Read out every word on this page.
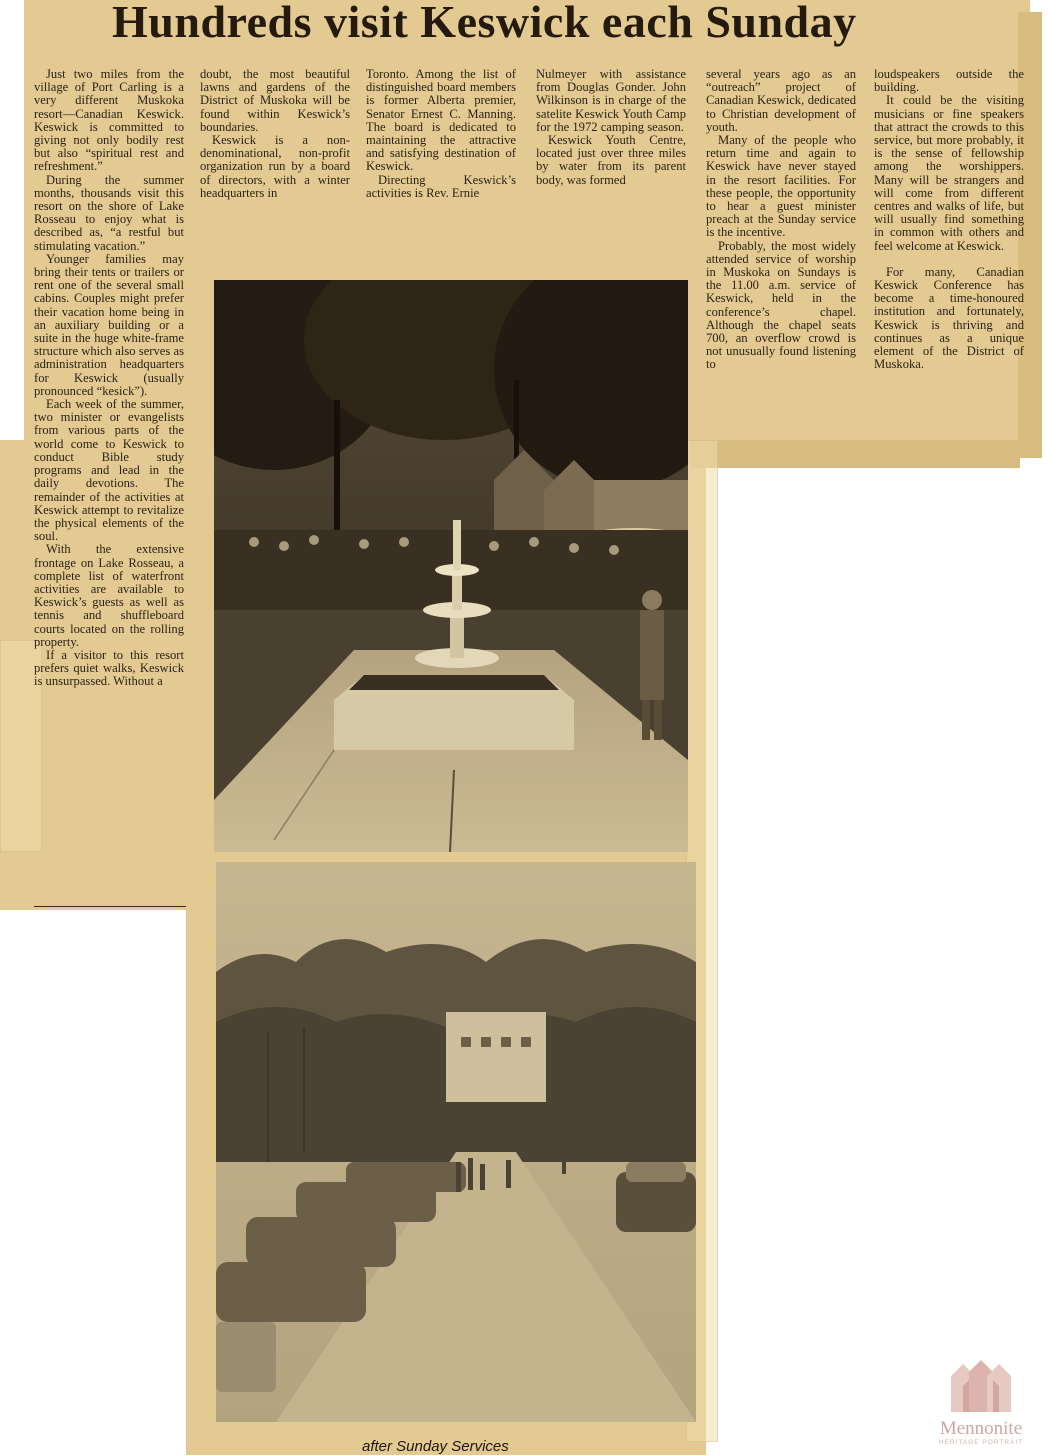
Hundreds visit Keswick each Sunday

Just two miles from the village of Port Carling is a very different Muskoka resort—Canadian Keswick. Keswick is committed to giving not only bodily rest but also “spiritual rest and refreshment.”

During the summer months, thousands visit this resort on the shore of Lake Rosseau to enjoy what is described as, “a restful but stimulating vacation.”

Younger families may bring their tents or trailers or rent one of the several small cabins. Couples might prefer their vacation home being in an auxiliary building or a suite in the huge white-frame structure which also serves as administration headquarters for Keswick (usually pronounced “kesick”).

Each week of the summer, two minister or evangelists from various parts of the world come to Keswick to conduct Bible study programs and lead in the daily devotions. The remainder of the activities at Keswick attempt to revitalize the physical elements of the soul.

With the extensive frontage on Lake Rosseau, a complete list of waterfront activities are available to Keswick’s guests as well as tennis and shuffleboard courts located on the rolling property.

If a visitor to this resort prefers quiet walks, Keswick is unsurpassed. Without a

doubt, the most beautiful lawns and gardens of the District of Muskoka will be found within Keswick’s boundaries.

Keswick is a non-denominational, non-profit organization run by a board of directors, with a winter headquarters in

Toronto. Among the list of distinguished board members is former Alberta premier, Senator Ernest C. Manning. The board is dedicated to maintaining the attractive and satisfying destination of Keswick.

Directing Keswick’s activities is Rev. Ernie

Nulmeyer with assistance from Douglas Gonder. John Wilkinson is in charge of the satelite Keswick Youth Camp for the 1972 camping season.

Keswick Youth Centre, located just over three miles by water from its parent body, was formed

several years ago as an “outreach” project of Canadian Keswick, dedicated to Christian development of youth.

Many of the people who return time and again to Keswick have never stayed in the resort facilities. For these people, the opportunity to hear a guest minister preach at the Sunday service is the incentive.

Probably, the most widely attended service of worship in Muskoka on Sundays is the 11.00 a.m. service of Keswick, held in the conference’s chapel. Although the chapel seats 700, an overflow crowd is not unusually found listening to

loudspeakers outside the building.

It could be the visiting musicians or fine speakers that attract the crowds to this service, but more probably, it is the sense of fellowship among the worshippers. Many will be strangers and will come from different centres and walks of life, but will usually find something in common with others and feel welcome at Keswick.

For many, Canadian Keswick Conference has become a time-honoured institution and fortunately, Keswick is thriving and continues as a unique element of the District of Muskoka.

after Sunday Services
Mennonite
HERITAGE PORTRAIT
